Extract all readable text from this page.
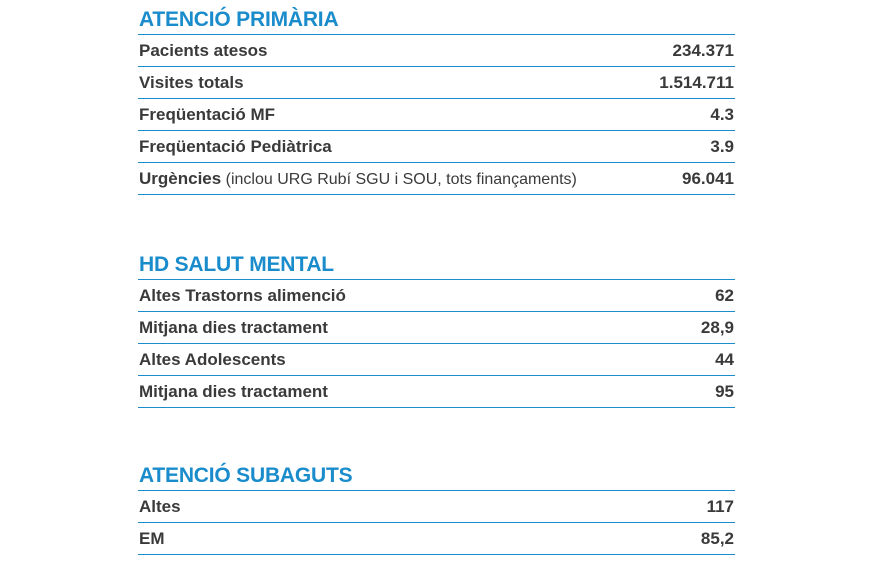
ATENCIÓ PRIMÀRIA
Pacients atesos	234.371
Visites totals	1.514.711
Freqüentació MF	4.3
Freqüentació Pediàtrica	3.9
Urgències (inclou URG Rubí SGU i SOU, tots finançaments)	96.041
HD SALUT MENTAL
Altes Trastorns alimenció	62
Mitjana dies tractament	28,9
Altes Adolescents	44
Mitjana dies tractament	95
ATENCIÓ SUBAGUTS
Altes	117
EM	85,2
